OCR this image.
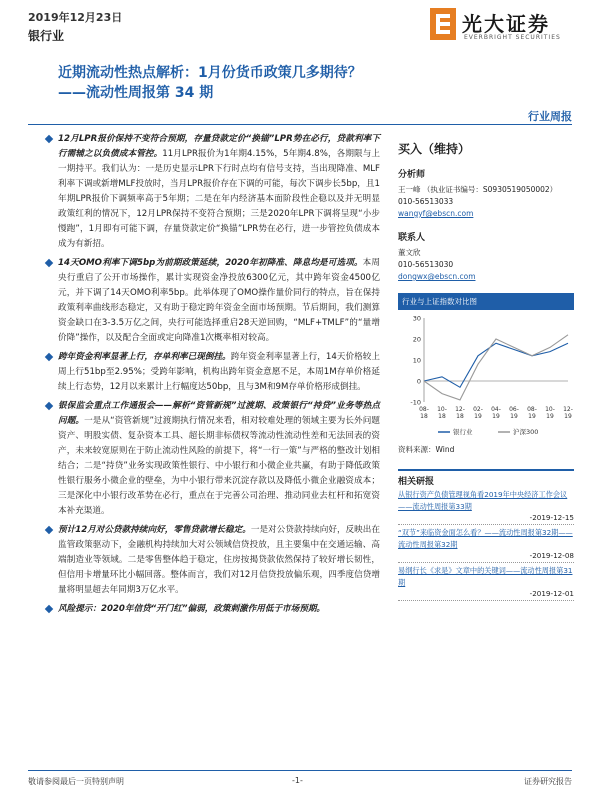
2019年12月23日
银行业	光大证券
EVERBRIGHT SECURITIES
近期流动性热点解析：1月份货币政策几多期待？
——流动性周报第 34 期
行业周报

12月LPR报价保持不变符合预期，存量贷款定价“换锚”LPR势在必行，贷款利率下行需辅之以负债成本管控。11月LPR报价为1年期4.15%，5年期4.8%，各期限与上一期持平。我们认为：一是历史显示LPR下行时点均有信号支持，当出现降准、MLF利率下调或新增MLF投放时，当月LPR报价存在下调的可能，每次下调步长5bp，且1年期LPR报价下调频率高于5年期；二是在年内经济基本面阶段性企稳以及并无明显政策红利的情况下，12月LPR保持不变符合预期；三是2020年LPR下调将呈现“小步慢跑”，1月即有可能下调，存量贷款定价“换锚”LPR势在必行，进一步管控负债成本成为有新招。

14天OMO利率下调5bp为前期政策延续，2020年初降准、降息均是可选项。本周央行重启了公开市场操作，累计实现资金净投放6300亿元，其中跨年资金4500亿元，并下调了14天OMO利率5bp。此举体现了OMO操作量价同行的特点，旨在保持政策利率曲线形态稳定，又有助于稳定跨年资金全面市场预期。节后期间，我们测算资金缺口在3-3.5万亿之间，央行可能选择重启28天逆回购，“MLF+TMLF”的“量增价降”操作，以及配合全面或定向降准1次概率相对较高。

跨年资金利率显著上行，存单利率已现倒挂。跨年资金利率显著上行，14天价格较上周上行51bp至2.95%；受跨年影响，机构出跨年资金意愿不足，本周1M存单价格延续上行态势，12月以来累计上行幅度达50bp，且与3M和9M存单价格形成倒挂。

银保监会重点工作通报会——解析“资管新规”过渡期、政策银行“持贷”业务等热点问题。一是从“资管新规”过渡期执行情况来看，相对较难处理的领域主要为长外问题资产、明股实债、复杂资本工具、超长期非标债权等流动性流动性差和无法回表的资产，未来较宽原则在于防止流动性风险的前提下，将“一行一策”与严格的整改计划相结合；二是“持贷”业务实现政策性银行、中小银行和小微企业共赢，有助于降低政策性银行服务小微企业的壁垒，为中小银行带来沉淀存款以及降低小微企业融资成本；三是深化中小银行改革势在必行，重点在于完善公司治理、推动同业去杠杆和拓宽资本补充渠道。

预计12月对公贷款持续向好，零售贷款增长稳定。一是对公贷款持续向好，反映出在监管政策驱动下，金融机构持续加大对公领域信贷投放，且主要集中在交通运输、高端制造业等领域。二是零售整体趋于稳定，住房按揭贷款依然保持了较好增长韧性，但信用卡增量环比小幅回落。整体而言，我们对12月信贷投放偏乐观，四季度信贷增量将明显超去年同期3万亿水平。

风险提示：2020年信贷“开门红”偏弱，政策刺激作用低于市场预期。

买入（维持）
分析师
王一峰 （执业证书编号：S0930519050002）
010-56513033
wangyf@ebscn.com
联系人
董文欣
010-56513030
dongwx@ebscn.com
行业与上证指数对比图
-10
0
10
20
30
08-
18
10-
18
12-
18
02-
19
04-
19
06-
19
08-
19
10-
19
12-
19
银行业	沪深300
资料来源：Wind
相关研报
从银行资产负债管理视角看2019年中央经济工作会议——流动性周报第33期
-2019-12-15
“双节”来临资金面怎么看？——流动性周报第32期——流动性周报第32期
-2019-12-08
易纲行长《求是》文章中的关键词——流动性周报第31期
-2019-12-01
敬请参阅最后一页特别声明	-1-	证券研究报告
